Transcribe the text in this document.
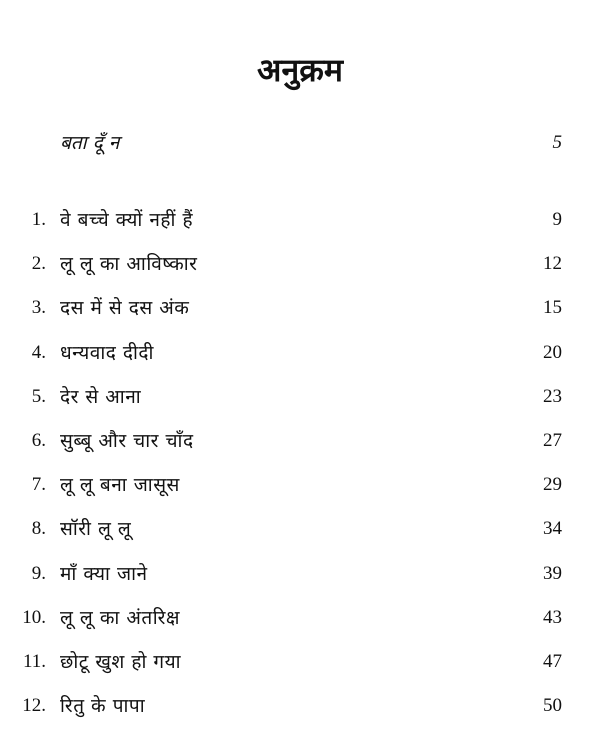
अनुक्रम
बता दूँ न	5
1. वे बच्चे क्यों नहीं हैं	9
2. लू लू का आविष्कार	12
3. दस में से दस अंक	15
4. धन्यवाद दीदी	20
5. देर से आना	23
6. सुब्बू और चार चाँद	27
7. लू लू बना जासूस	29
8. सॉरी लू लू	34
9. माँ क्या जाने	39
10. लू लू का अंतरिक्ष	43
11. छोटू खुश हो गया	47
12. रितु के पापा	50
